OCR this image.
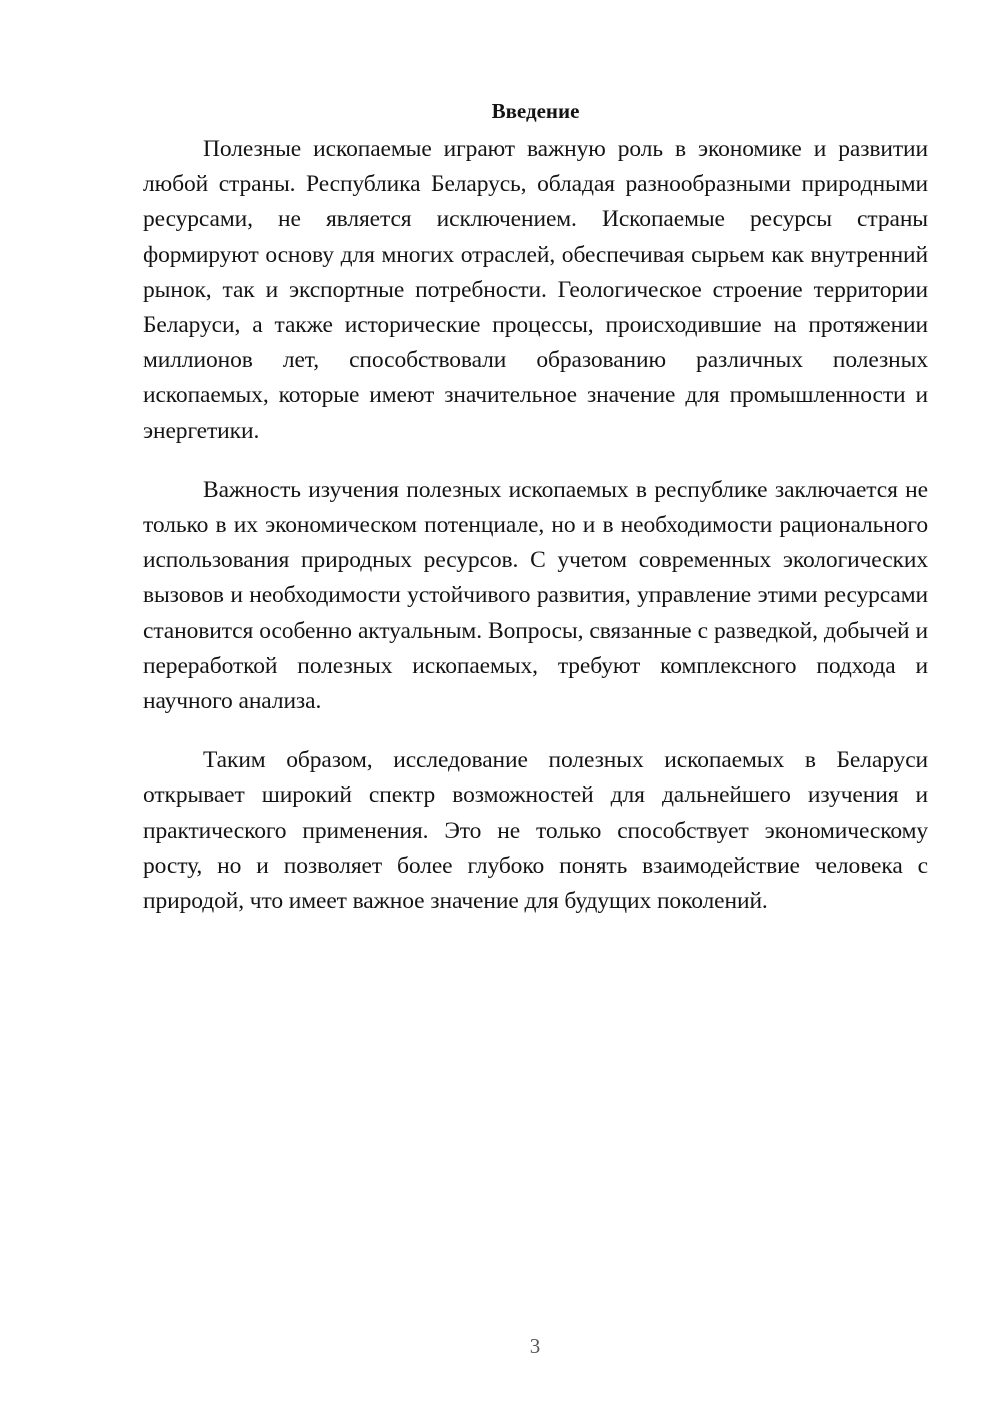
Введение

Полезные ископаемые играют важную роль в экономике и развитии любой страны. Республика Беларусь, обладая разнообразными природными ресурсами, не является исключением. Ископаемые ресурсы страны формируют основу для многих отраслей, обеспечивая сырьем как внутренний рынок, так и экспортные потребности. Геологическое строение территории Беларуси, а также исторические процессы, происходившие на протяжении миллионов лет, способствовали образованию различных полезных ископаемых, которые имеют значительное значение для промышленности и энергетики.

Важность изучения полезных ископаемых в республике заключается не только в их экономическом потенциале, но и в необходимости рационального использования природных ресурсов. С учетом современных экологических вызовов и необходимости устойчивого развития, управление этими ресурсами становится особенно актуальным. Вопросы, связанные с разведкой, добычей и переработкой полезных ископаемых, требуют комплексного подхода и научного анализа.

Таким образом, исследование полезных ископаемых в Беларуси открывает широкий спектр возможностей для дальнейшего изучения и практического применения. Это не только способствует экономическому росту, но и позволяет более глубоко понять взаимодействие человека с природой, что имеет важное значение для будущих поколений.

3
